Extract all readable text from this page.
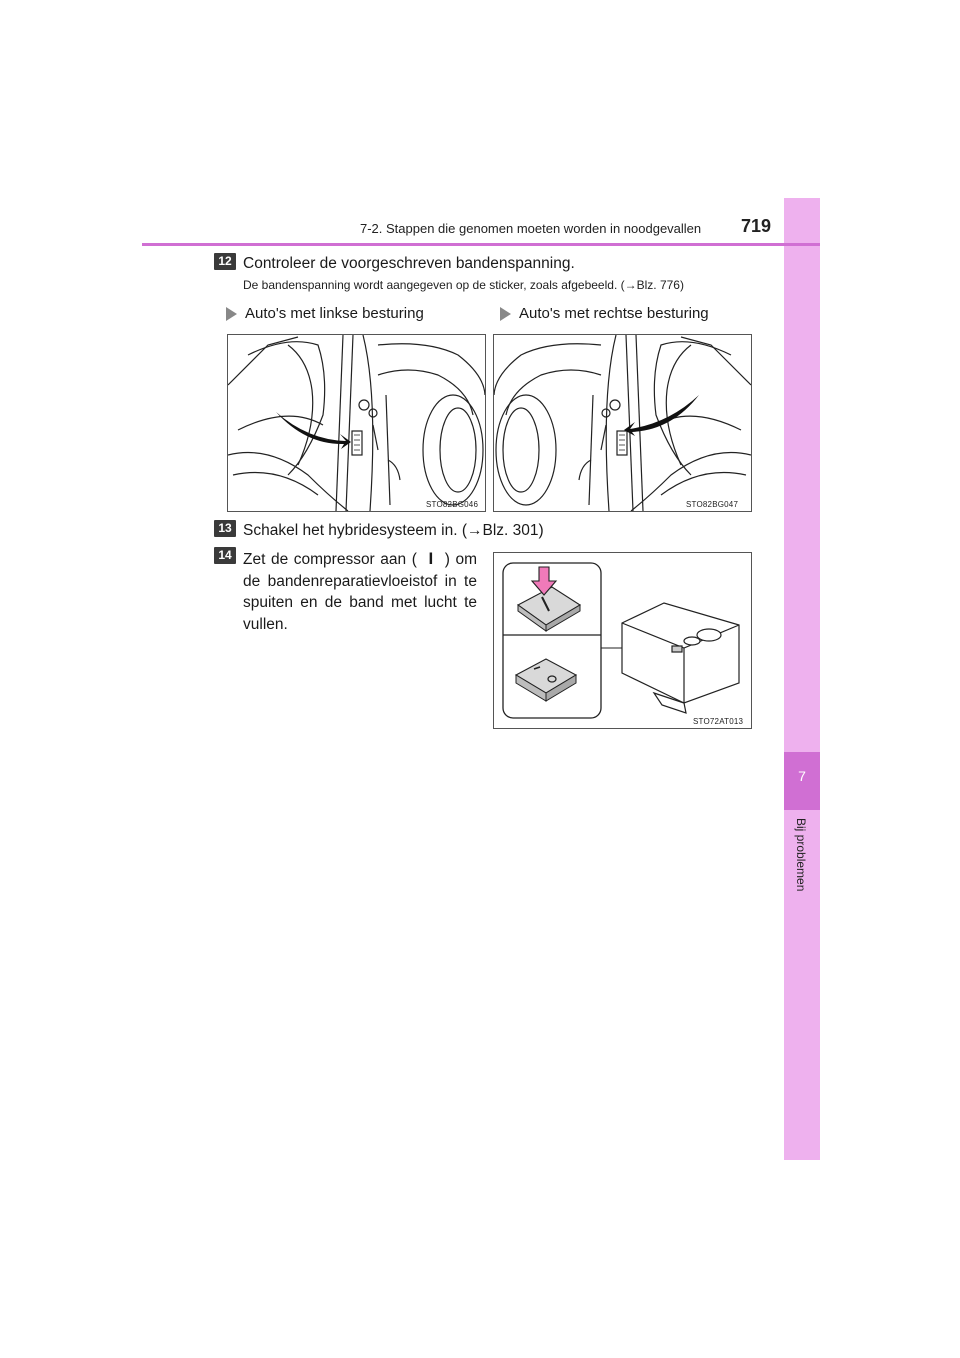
7
Bij problemen
7-2. Stappen die genomen moeten worden in noodgevallen 719
12 Controleer de voorgeschreven bandenspanning.
De bandenspanning wordt aangegeven op de sticker, zoals afgebeeld. (→Blz. 776)
Auto's met linkse besturing	Auto's met rechtse besturing
STO82BG046	STO82BG047
13 Schakel het hybridesysteem in. (→Blz. 301)
14 Zet de compressor aan ( I ) om de bandenreparatievloeistof in te spuiten en de band met lucht te vullen.
STO72AT013
